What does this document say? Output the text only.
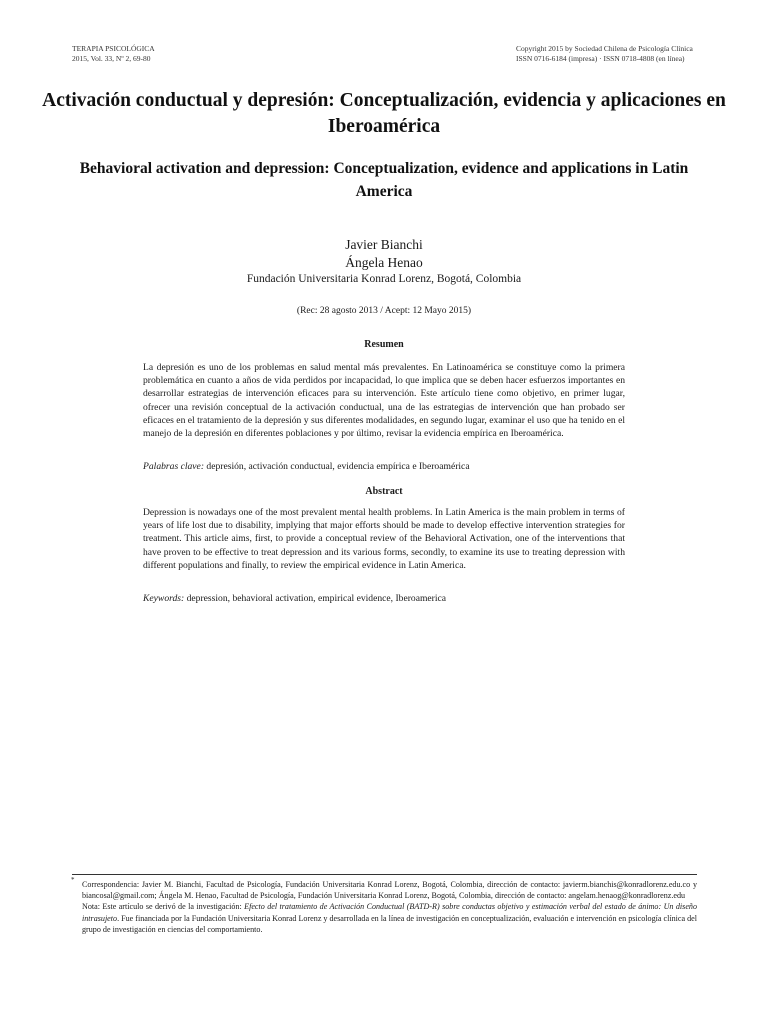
TERAPIA PSICOLÓGICA
2015, Vol. 33, Nº 2, 69-80
Copyright 2015 by Sociedad Chilena de Psicología Clínica
ISSN 0716-6184 (impresa) · ISSN 0718-4808 (en línea)
Activación conductual y depresión: Conceptualización, evidencia y aplicaciones en Iberoamérica
Behavioral activation and depression: Conceptualization, evidence and applications in Latin America
Javier Bianchi
Ángela Henao
Fundación Universitaria Konrad Lorenz, Bogotá, Colombia
(Rec: 28 agosto 2013 / Acept: 12 Mayo 2015)
Resumen
La depresión es uno de los problemas en salud mental más prevalentes. En Latinoamérica se constituye como la primera problemática en cuanto a años de vida perdidos por incapacidad, lo que implica que se deben hacer esfuerzos importantes en desarrollar estrategias de intervención eficaces para su intervención. Este artículo tiene como objetivo, en primer lugar, ofrecer una revisión conceptual de la activación conductual, una de las estrategias de intervención que han probado ser eficaces en el tratamiento de la depresión y sus diferentes modalidades, en segundo lugar, examinar el uso que ha tenido en el manejo de la depresión en diferentes poblaciones y por último, revisar la evidencia empírica en Iberoamérica.
Palabras clave: depresión, activación conductual, evidencia empírica e Iberoamérica
Abstract
Depression is nowadays one of the most prevalent mental health problems. In Latin America is the main problem in terms of years of life lost due to disability, implying that major efforts should be made to develop effective intervention strategies for treatment. This article aims, first, to provide a conceptual review of the Behavioral Activation, one of the interventions that have proven to be effective to treat depression and its various forms, secondly, to examine its use to treating depression with different populations and finally, to review the empirical evidence in Latin America.
Keywords: depression, behavioral activation, empirical evidence, Iberoamerica
* Correspondencia: Javier M. Bianchi, Facultad de Psicología, Fundación Universitaria Konrad Lorenz, Bogotá, Colombia, dirección de contacto: javierm.bianchis@konradlorenz.edu.co y biancosal@gmail.com; Ángela M. Henao, Facultad de Psicología, Fundación Universitaria Konrad Lorenz, Bogotá, Colombia, dirección de contacto: angelam.henaog@konradlorenz.edu
Nota: Este artículo se derivó de la investigación: Efecto del tratamiento de Activación Conductual (BATD-R) sobre conductas objetivo y estimación verbal del estado de ánimo: Un diseño intrasujeto. Fue financiada por la Fundación Universitaria Konrad Lorenz y desarrollada en la línea de investigación en conceptualización, evaluación e intervención en psicología clínica del grupo de investigación en ciencias del comportamiento.
